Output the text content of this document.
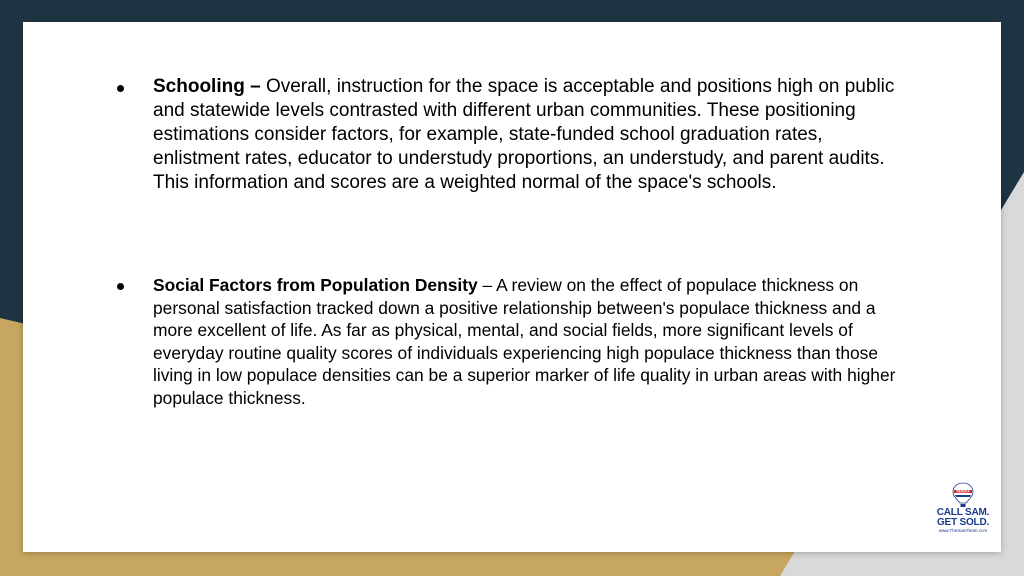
Schooling – Overall, instruction for the space is acceptable and positions high on public and statewide levels contrasted with different urban communities. These positioning estimations consider factors, for example, state-funded school graduation rates, enlistment rates, educator to understudy proportions, an understudy, and parent audits. This information and scores are a weighted normal of the space's schools.
Social Factors from Population Density – A review on the effect of populace thickness on personal satisfaction tracked down a positive relationship between's populace thickness and a more excellent of life. As far as physical, mental, and social fields, more significant levels of everyday routine quality scores of individuals experiencing high populace thickness than those living in low populace densities can be a superior marker of life quality in urban areas with higher populace thickness.
RE/MAX
CALL SAM.
GET SOLD.
www.TheSamTeam.com
